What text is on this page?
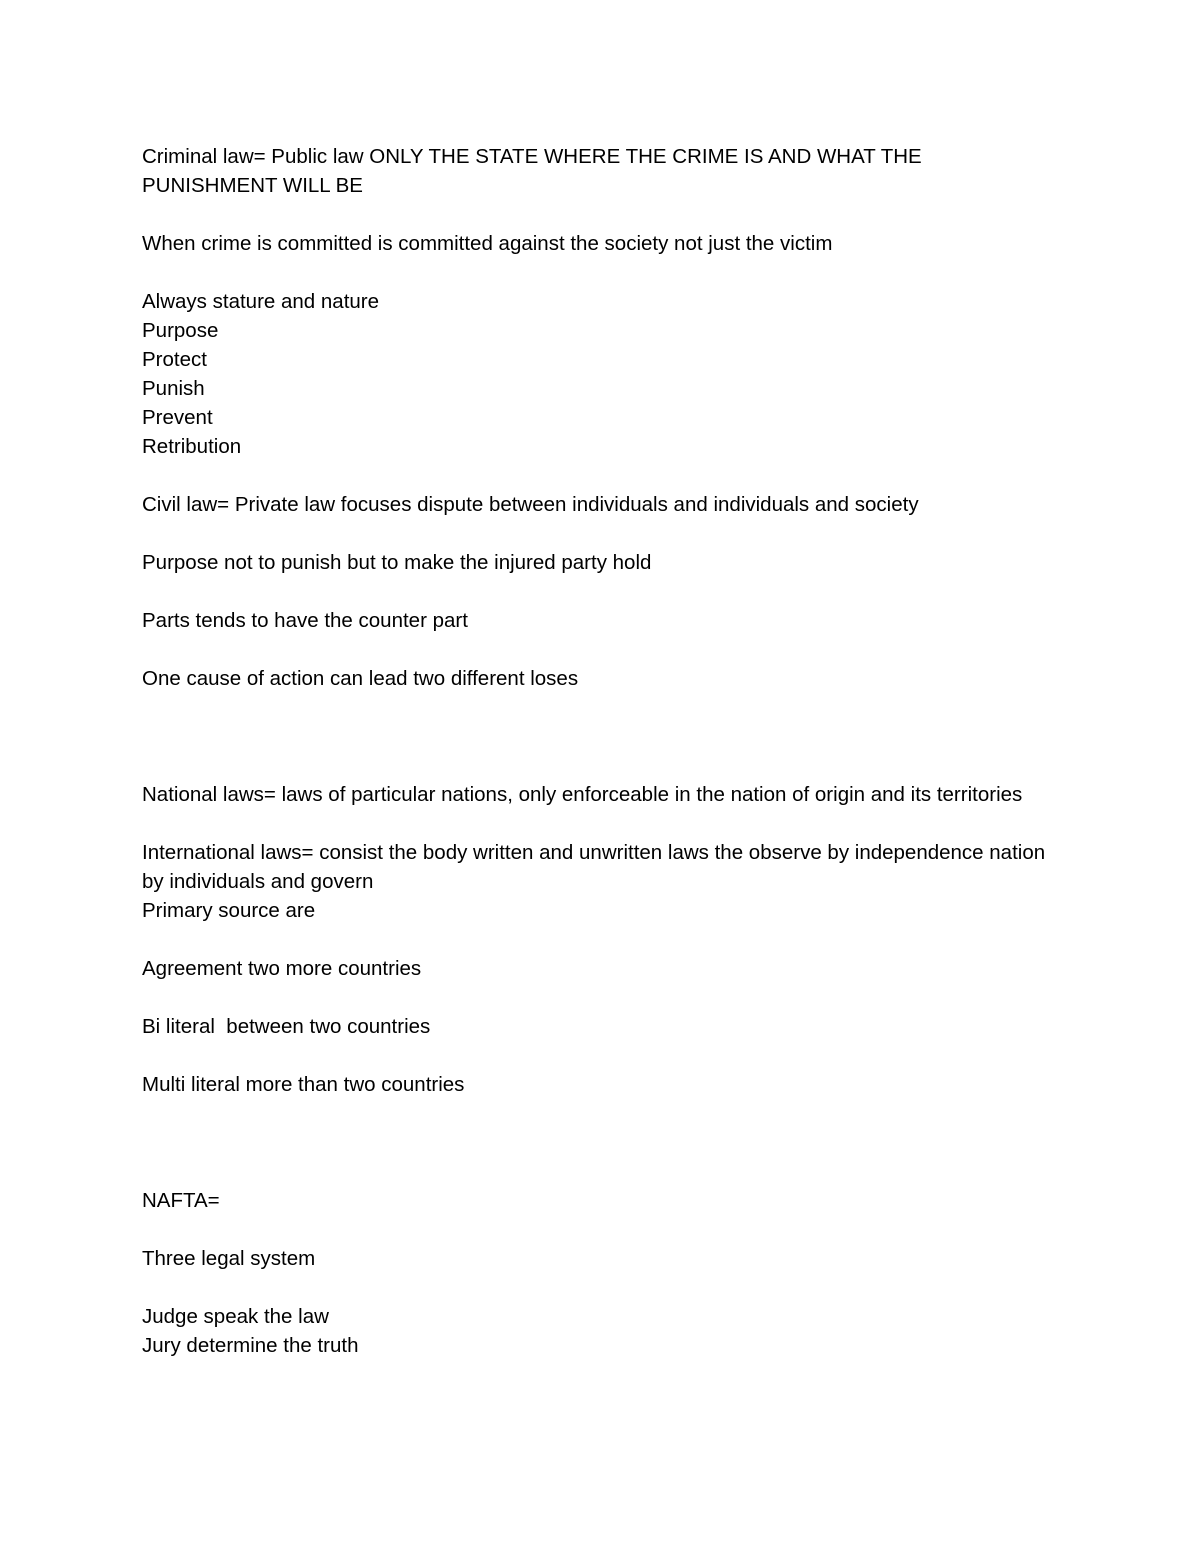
Criminal law= Public law ONLY THE STATE WHERE THE CRIME IS AND WHAT THE PUNISHMENT WILL BE

When crime is committed is committed against the society not just the victim

Always stature and nature

Purpose

Protect

Punish

Prevent

Retribution

Civil law= Private law focuses dispute between individuals and individuals and society

Purpose not to punish but to make the injured party hold

Parts tends to have the counter part

One cause of action can lead two different loses

National laws= laws of particular nations, only enforceable in the nation of origin and its territories

International laws= consist the body written and unwritten laws the observe by independence nation by individuals and govern

Primary source are

Agreement two more countries

Bi literal  between two countries

Multi literal more than two countries

NAFTA=

Three legal system

Judge speak the law

Jury determine the truth
